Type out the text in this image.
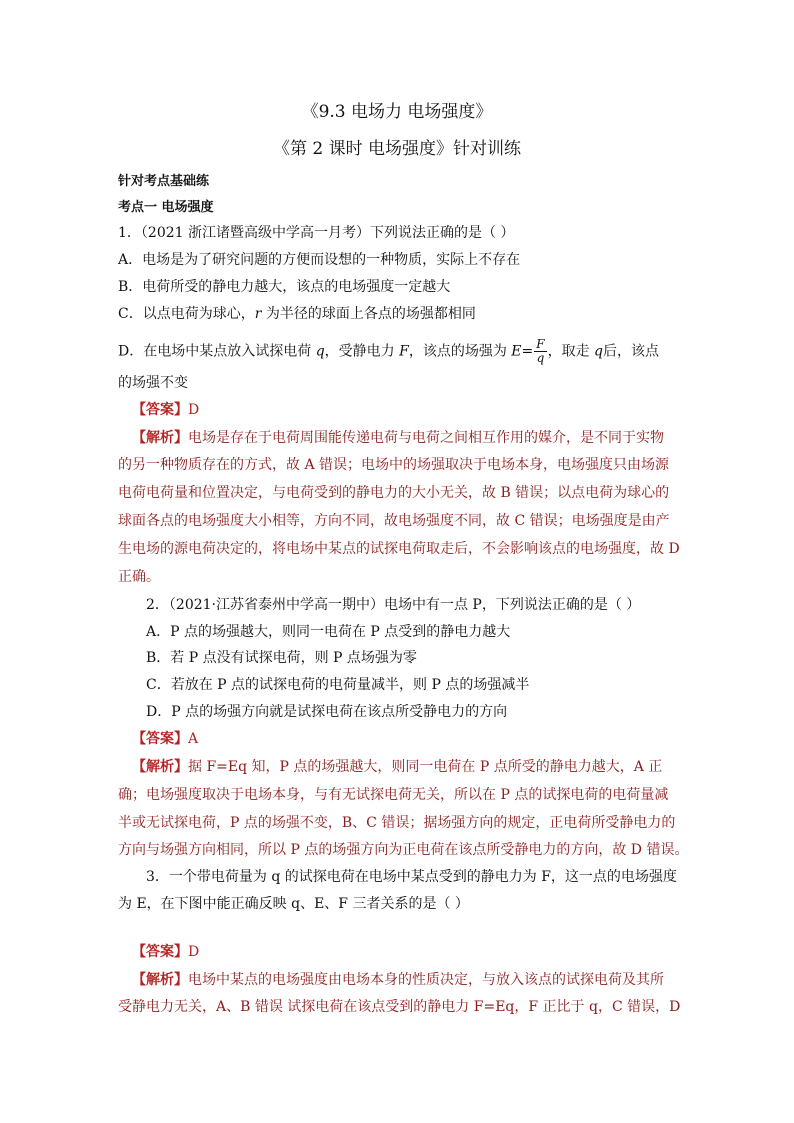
《9.3 电场力 电场强度》
《第 2 课时 电场强度》针对训练
针对考点基础练
考点一 电场强度
1．（2021 浙江诸暨高级中学高一月考）下列说法正确的是（ ）
A．电场是为了研究问题的方便而设想的一种物质，实际上不存在
B．电荷所受的静电力越大，该点的电场强度一定越大
C．以点电荷为球心，r 为半径的球面上各点的场强都相同
D．在电场中某点放入试探电荷 q，受静电力 F，该点的场强为 $E= \frac{F}{q}$ ，取走 q后，该点
的场强不变
【答案】D
【解析】电场是存在于电荷周围能传递电荷与电荷之间相互作用的媒介，是不同于实物
的另一种物质存在的方式，故 A 错误；电场中的场强取决于电场本身，电场强度只由场源
电荷电荷量和位置决定，与电荷受到的静电力的大小无关，故 B 错误；以点电荷为球心的
球面各点的电场强度大小相等，方向不同，故电场强度不同，故 C 错误；电场强度是由产
生电场的源电荷决定的，将电场中某点的试探电荷取走后，不会影响该点的电场强度，故 D
正确。
2．（2021·江苏省泰州中学高一期中）电场中有一点 P，下列说法正确的是（ ）
A．P 点的场强越大，则同一电荷在 P 点受到的静电力越大
B．若 P 点没有试探电荷，则 P 点场强为零
C．若放在 P 点的试探电荷的电荷量减半，则 P 点的场强减半
D．P 点的场强方向就是试探电荷在该点所受静电力的方向
【答案】A
【解析】据 F=Eq 知，P 点的场强越大，则同一电荷在 P 点所受的静电力越大，A 正
确；电场强度取决于电场本身，与有无试探电荷无关，所以在 P 点的试探电荷的电荷量减
半或无试探电荷，P 点的场强不变，B、C 错误；据场强方向的规定，正电荷所受静电力的
方向与场强方向相同，所以 P 点的场强方向为正电荷在该点所受静电力的方向，故 D 错误。
3．一个带电荷量为 q 的试探电荷在电场中某点受到的静电力为 F，这一点的电场强度
为 E，在下图中能正确反映 q、E、F 三者关系的是（ ）
【答案】D
【解析】电场中某点的电场强度由电场本身的性质决定，与放入该点的试探电荷及其所
受静电力无关，A、B 错误 试探电荷在该点受到的静电力 F=Eq，F 正比于 q，C 错误，D
